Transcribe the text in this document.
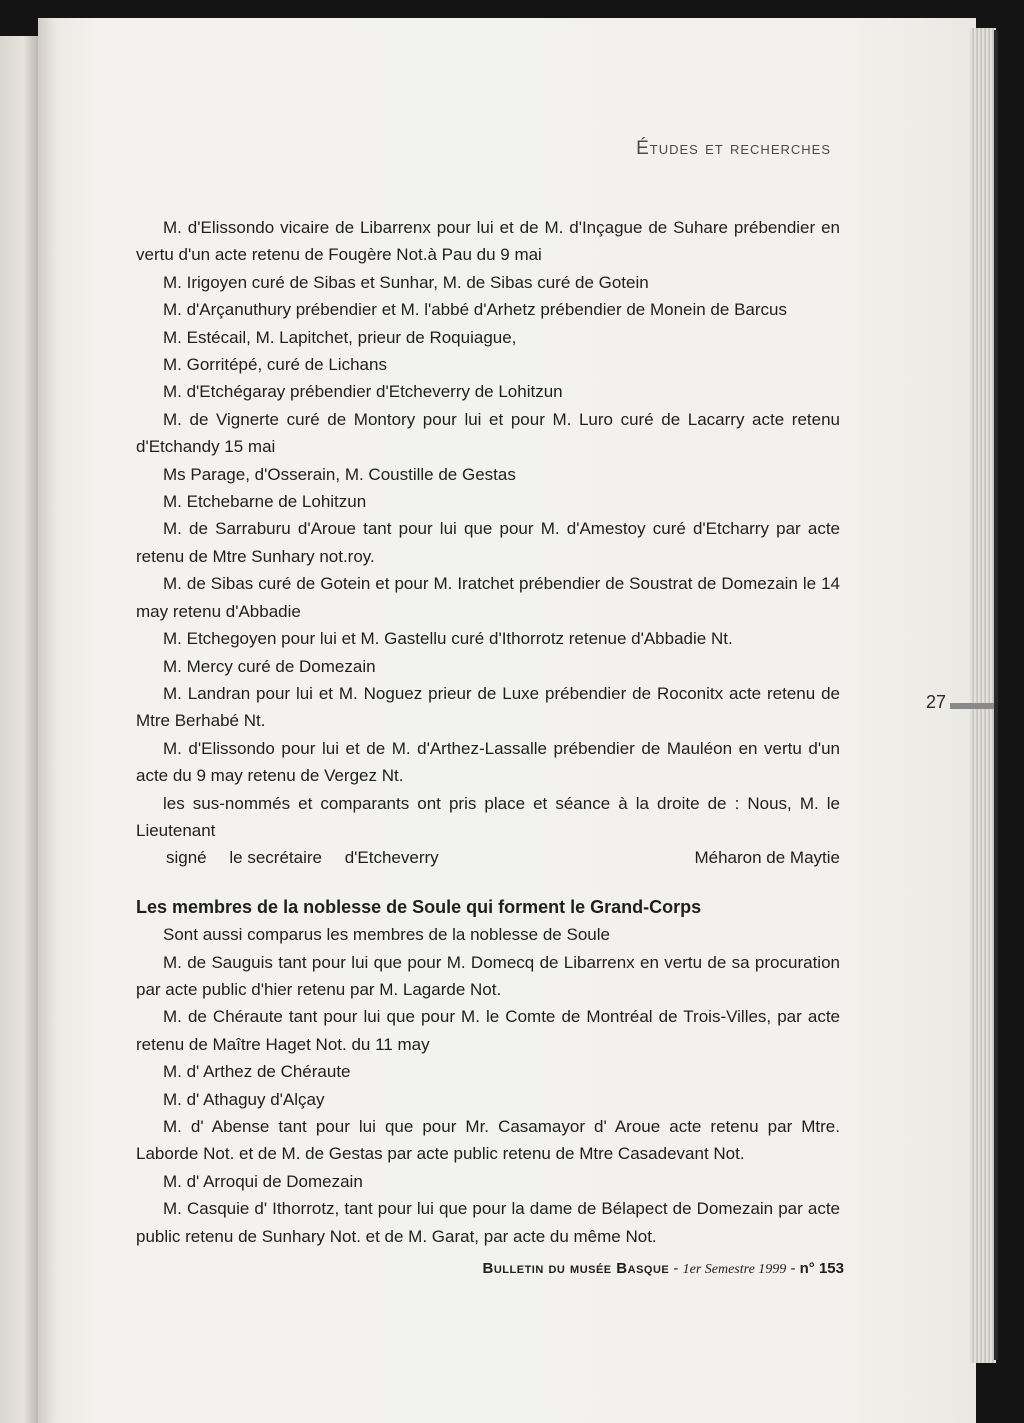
Études et recherches

M. d'Elissondo vicaire de Libarrenx pour lui et de M. d'Inçague de Suhare prébendier en vertu d'un acte retenu de Fougère Not.à Pau du 9 mai

M. Irigoyen curé de Sibas et Sunhar, M. de Sibas curé de Gotein

M. d'Arçanuthury prébendier et M. l'abbé d'Arhetz prébendier de Monein de Barcus

M. Estécail, M. Lapitchet, prieur de Roquiague,

M. Gorritépé, curé de Lichans

M. d'Etchégaray prébendier d'Etcheverry de Lohitzun

M. de Vignerte curé de Montory pour lui et pour M. Luro curé de Lacarry acte retenu d'Etchandy 15 mai

Ms Parage, d'Osserain, M. Coustille de Gestas

M. Etchebarne de Lohitzun

M. de Sarraburu d'Aroue tant pour lui que pour M. d'Amestoy curé d'Etcharry par acte retenu de Mtre Sunhary not.roy.

M. de Sibas curé de Gotein et pour M. Iratchet prébendier de Soustrat de Domezain le 14 may retenu d'Abbadie

M. Etchegoyen pour lui et M. Gastellu curé d'Ithorrotz retenue d'Abbadie Nt.

M. Mercy curé de Domezain

M. Landran pour lui et M. Noguez prieur de Luxe prébendier de Roconitx acte retenu de Mtre Berhabé Nt.

M. d'Elissondo pour lui et de M. d'Arthez-Lassalle prébendier de Mauléon en vertu d'un acte du 9 may retenu de Vergez Nt.

les sus-nommés et comparants ont pris place et séance à la droite de : Nous, M. le Lieutenant

signé le secrétaire d'Etcheverry	Méharon de Maytie

Les membres de la noblesse de Soule qui forment le Grand-Corps

Sont aussi comparus les membres de la noblesse de Soule

M. de Sauguis tant pour lui que pour M. Domecq de Libarrenx en vertu de sa procuration par acte public d'hier retenu par M. Lagarde Not.

M. de Chéraute tant pour lui que pour M. le Comte de Montréal de Trois-Villes, par acte retenu de Maître Haget Not. du 11 may

M. d' Arthez de Chéraute

M. d' Athaguy d'Alçay

M. d' Abense tant pour lui que pour Mr. Casamayor d' Aroue acte retenu par Mtre. Laborde Not. et de M. de Gestas par acte public retenu de Mtre Casadevant Not.

M. d' Arroqui de Domezain

M. Casquie d' Ithorrotz, tant pour lui que pour la dame de Bélapect de Domezain par acte public retenu de Sunhary Not. et de M. Garat, par acte du même Not.

27
Bulletin du musée Basque - 1er Semestre 1999 - n° 153
